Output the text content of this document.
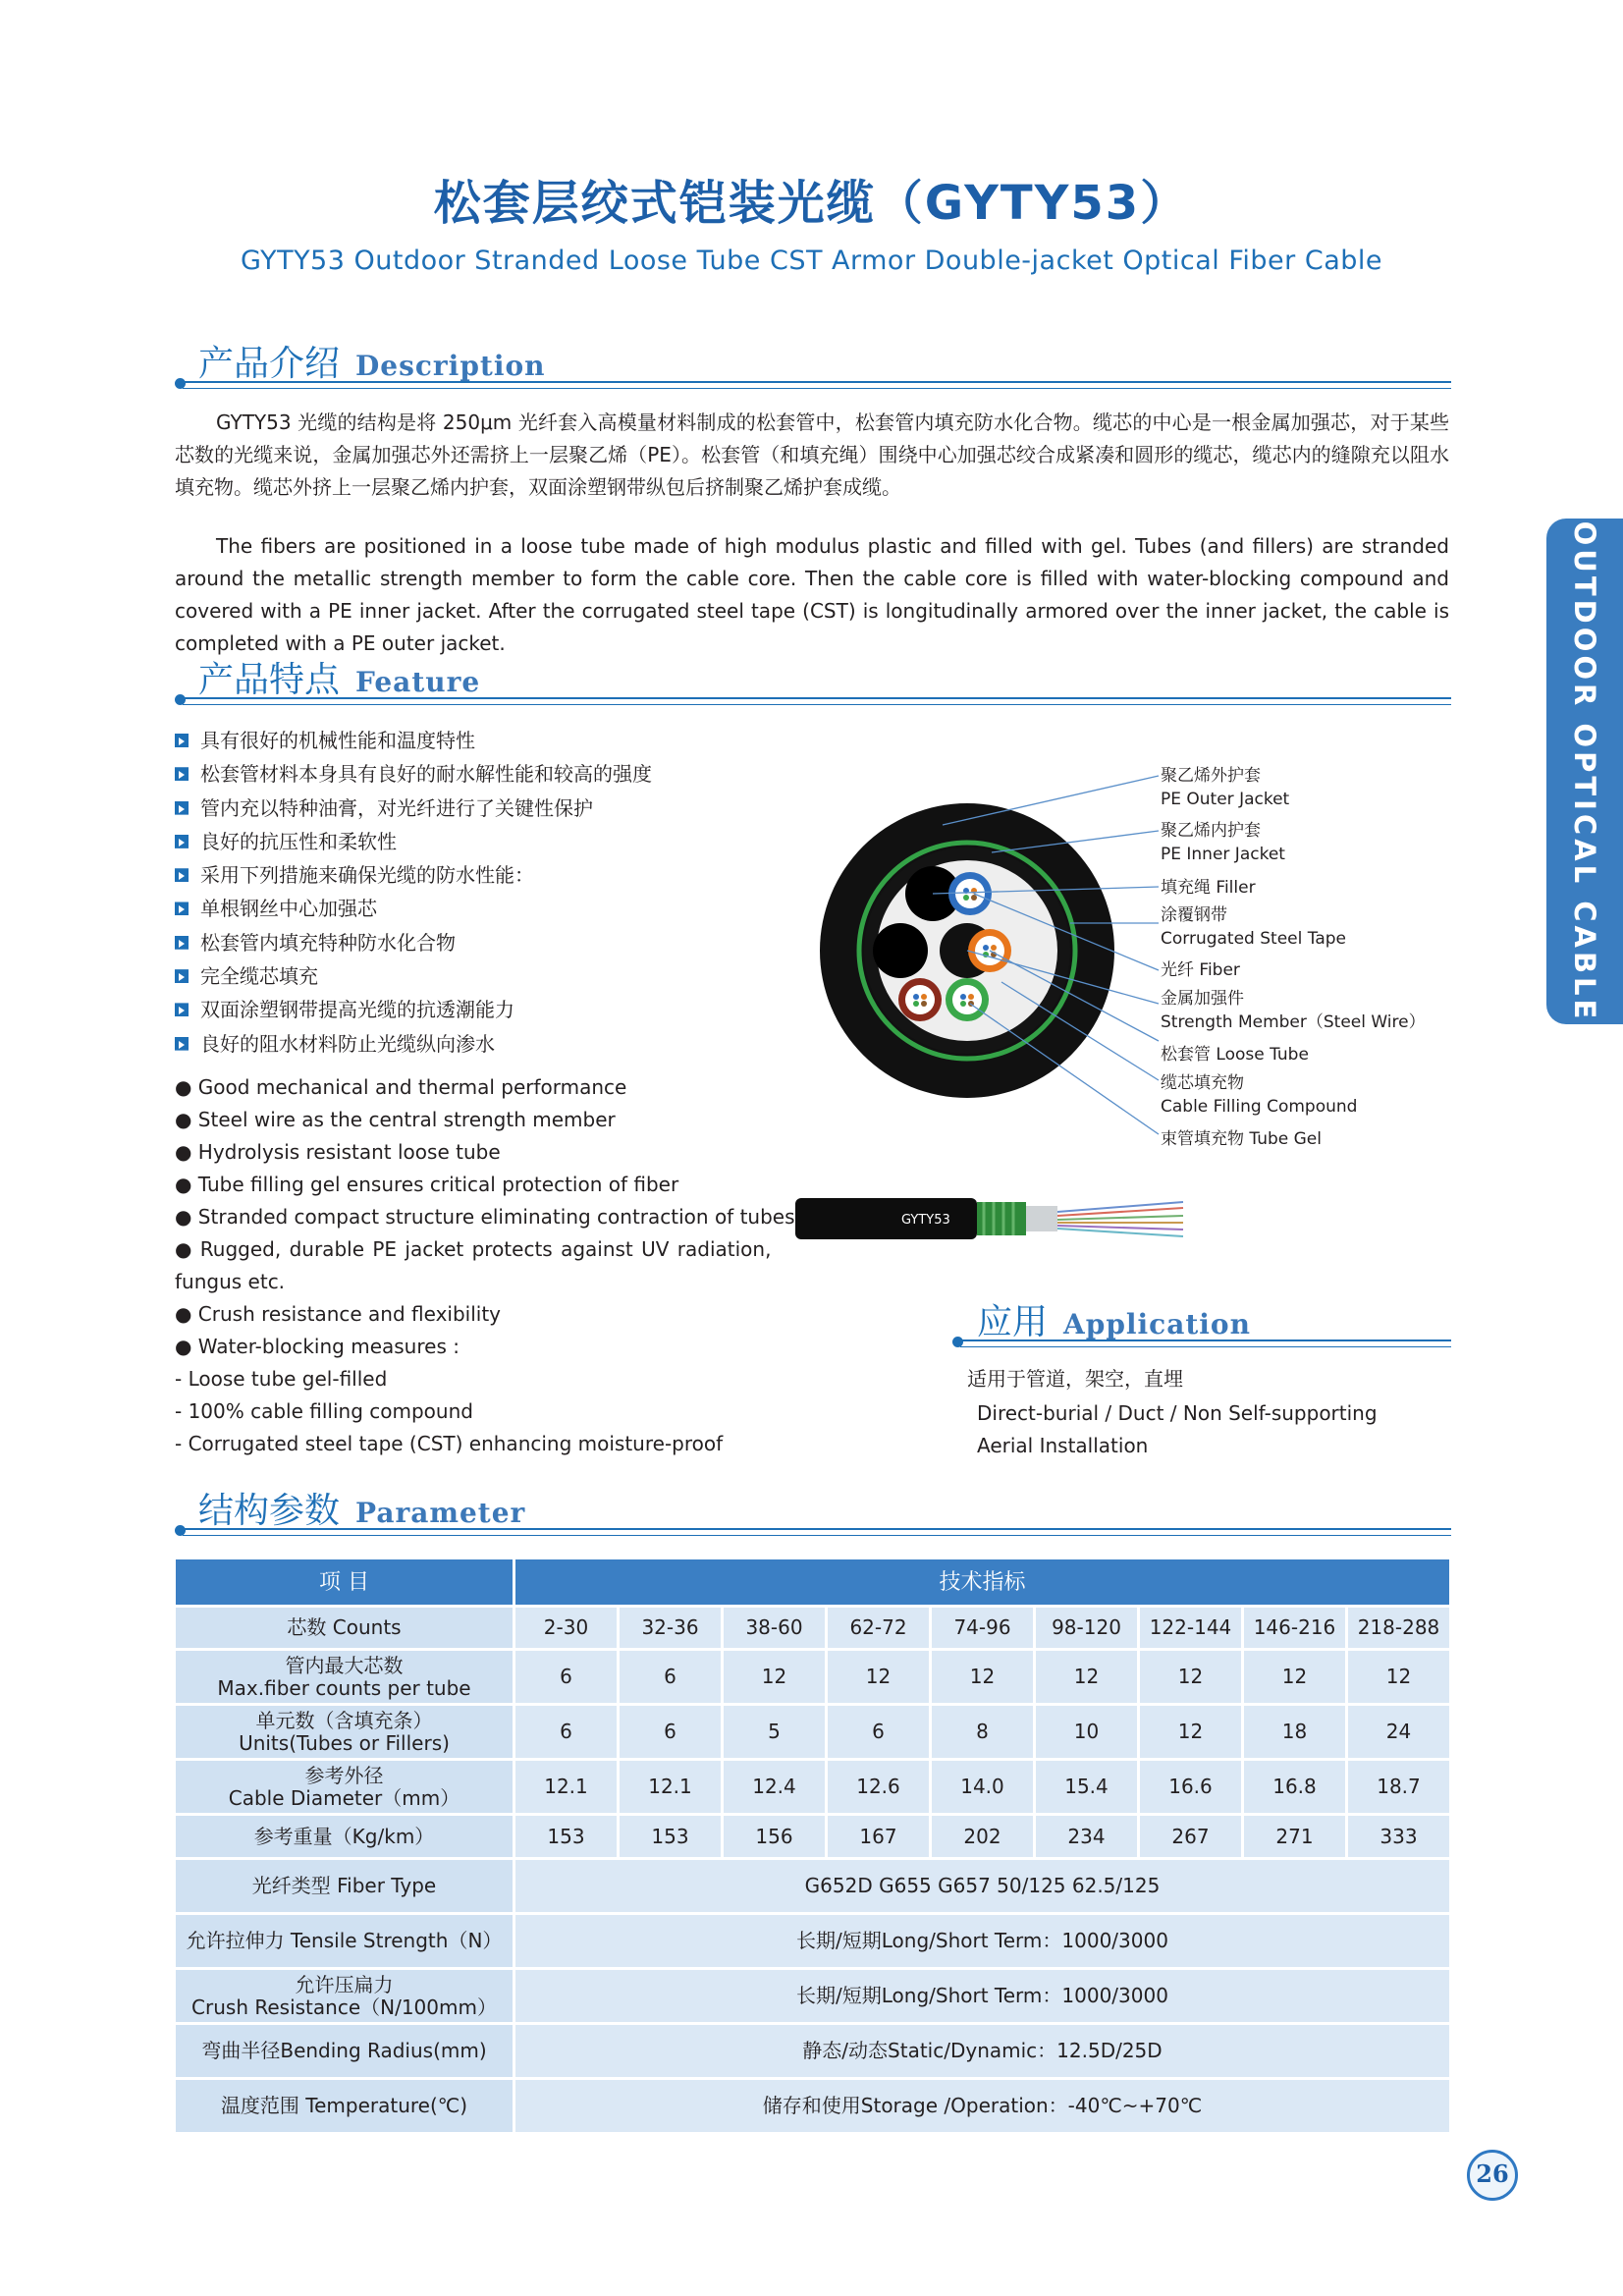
松套层绞式铠装光缆（GYTY53）
GYTY53 Outdoor Stranded Loose Tube CST Armor Double-jacket Optical Fiber Cable
OUTDOOR OPTICAL CABLE
产品介绍 Description

GYTY53 光缆的结构是将 250μm 光纤套入高模量材料制成的松套管中，松套管内填充防水化合物。缆芯的中心是一根金属加强芯，对于某些芯数的光缆来说，金属加强芯外还需挤上一层聚乙烯（PE）。松套管（和填充绳）围绕中心加强芯绞合成紧凑和圆形的缆芯，缆芯内的缝隙充以阻水填充物。缆芯外挤上一层聚乙烯内护套，双面涂塑钢带纵包后挤制聚乙烯护套成缆。

The fibers are positioned in a loose tube made of high modulus plastic and filled with gel. Tubes (and fillers) are stranded around the metallic strength member to form the cable core. Then the cable core is filled with water-blocking compound and covered with a PE inner jacket. After the corrugated steel tape (CST) is longitudinally armored over the inner jacket, the cable is completed with a PE outer jacket.

产品特点 Feature
具有很好的机械性能和温度特性
松套管材料本身具有良好的耐水解性能和较高的强度
管内充以特种油膏，对光纤进行了关键性保护
良好的抗压性和柔软性
采用下列措施来确保光缆的防水性能：
单根钢丝中心加强芯
松套管内填充特种防水化合物
完全缆芯填充
双面涂塑钢带提高光缆的抗透潮能力
良好的阻水材料防止光缆纵向渗水
● Good mechanical and thermal performance
● Steel wire as the central strength member
● Hydrolysis resistant loose tube
● Tube filling gel ensures critical protection of fiber
● Stranded compact structure eliminating contraction of tubes
● Rugged, durable PE jacket protects against UV radiation,
fungus etc.
● Crush resistance and flexibility
● Water-blocking measures :
- Loose tube gel-filled
- 100% cable filling compound
- Corrugated steel tape (CST) enhancing moisture-proof
聚乙烯外护套
PE Outer Jacket
聚乙烯内护套
PE Inner Jacket
填充绳 Filler
涂覆钢带
Corrugated Steel Tape
光纤 Fiber
金属加强件
Strength Member（Steel Wire）
松套管 Loose Tube
缆芯填充物
Cable Filling Compound
束管填充物 Tube Gel
GYTY53
应用 Application
适用于管道，架空，直埋
Direct-burial / Duct / Non Self-supporting
Aerial Installation
结构参数 Parameter
项 目	技术指标								
芯数 Counts	2-30	32-36	38-60	62-72	74-96	98-120	122-144	146-216	218-288

管内最大芯数
Max.fiber counts per tube	6	6	12	12	12	12	12	12	12

单元数（含填充条）
Units(Tubes or Fillers)	6	6	5	6	8	10	12	18	24

参考外径
Cable Diameter（mm）	12.1	12.1	12.4	12.6	14.0	15.4	16.6	16.8	18.7
参考重量（Kg/km）	153	153	156	167	202	234	267	271	333
光纤类型 Fiber Type	G652D G655 G657 50/125 62.5/125								
允许拉伸力 Tensile Strength（N）	长期/短期Long/Short Term：1000/3000								

允许压扁力
Crush Resistance（N/100mm）	长期/短期Long/Short Term：1000/3000								
弯曲半径Bending Radius(mm)	静态/动态Static/Dynamic：12.5D/25D								
温度范围 Temperature(℃)	储存和使用Storage /Operation：-40℃~+70℃								
26
